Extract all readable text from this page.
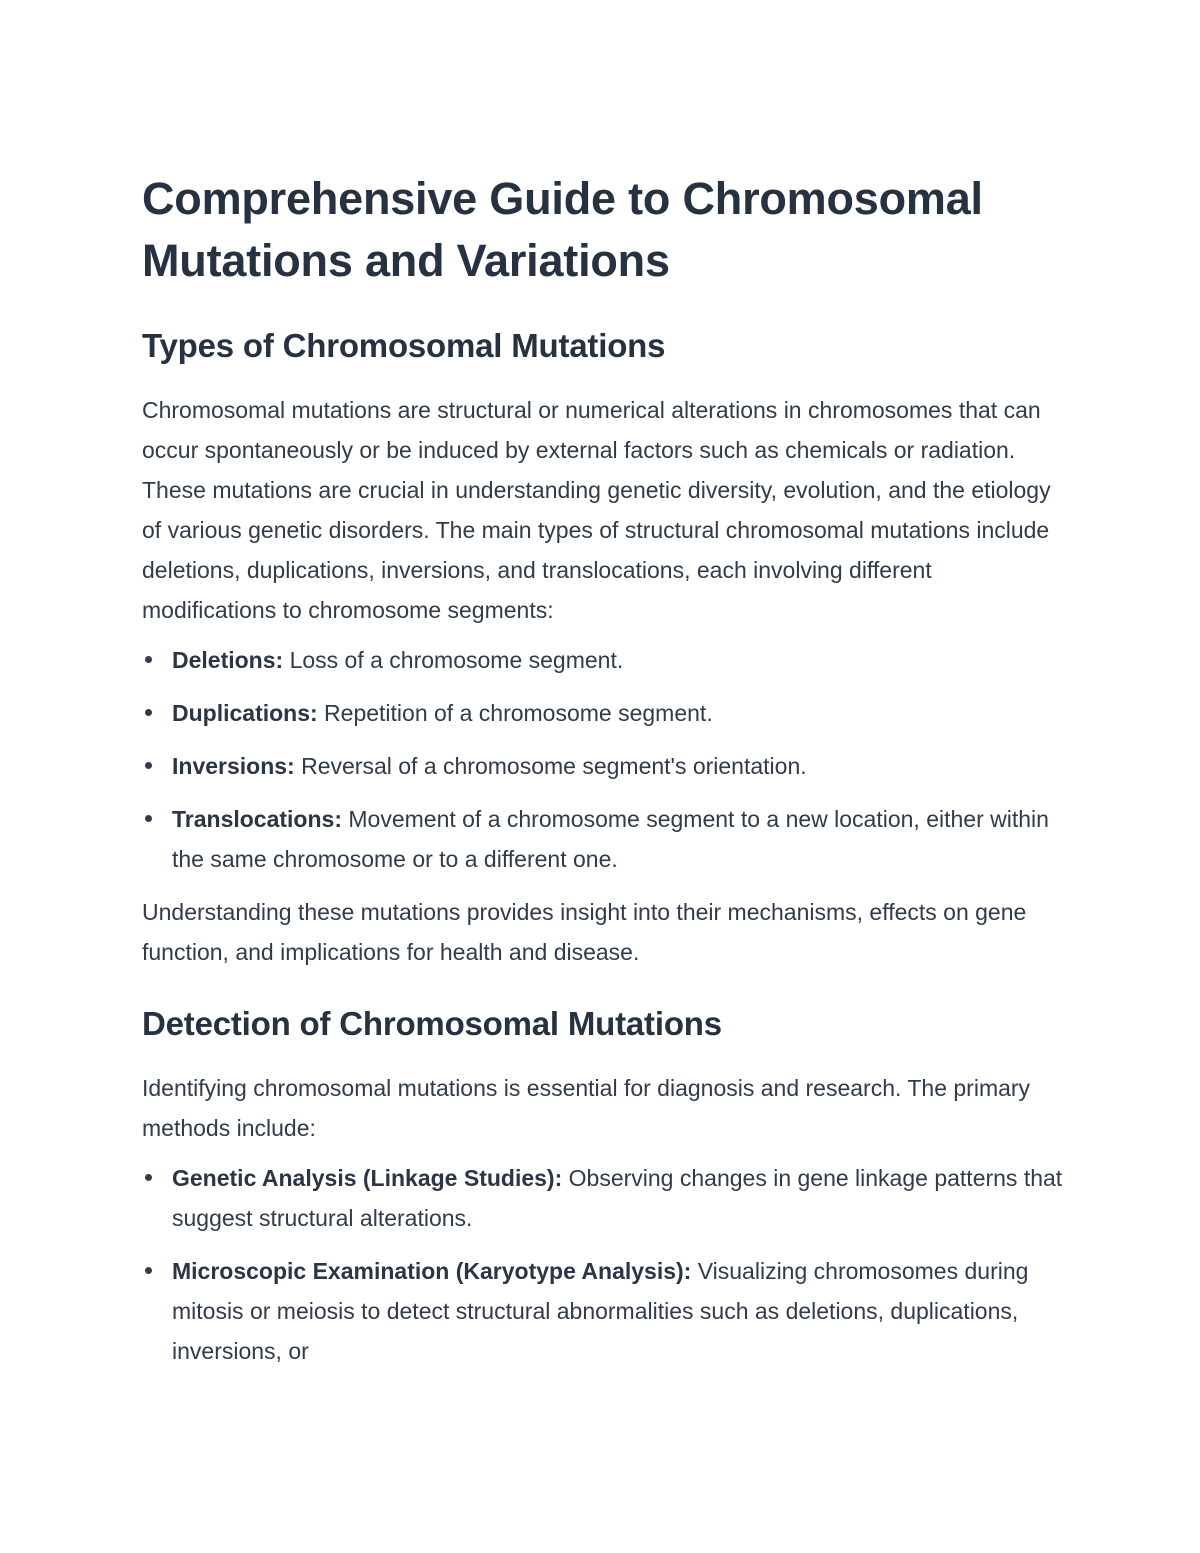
Comprehensive Guide to Chromosomal Mutations and Variations
Types of Chromosomal Mutations

Chromosomal mutations are structural or numerical alterations in chromosomes that can occur spontaneously or be induced by external factors such as chemicals or radiation. These mutations are crucial in understanding genetic diversity, evolution, and the etiology of various genetic disorders. The main types of structural chromosomal mutations include deletions, duplications, inversions, and translocations, each involving different modifications to chromosome segments:

Deletions: Loss of a chromosome segment.
Duplications: Repetition of a chromosome segment.
Inversions: Reversal of a chromosome segment's orientation.
Translocations: Movement of a chromosome segment to a new location, either within the same chromosome or to a different one.

Understanding these mutations provides insight into their mechanisms, effects on gene function, and implications for health and disease.

Detection of Chromosomal Mutations

Identifying chromosomal mutations is essential for diagnosis and research. The primary methods include:

Genetic Analysis (Linkage Studies): Observing changes in gene linkage patterns that suggest structural alterations.
Microscopic Examination (Karyotype Analysis): Visualizing chromosomes during mitosis or meiosis to detect structural abnormalities such as deletions, duplications, inversions, or
